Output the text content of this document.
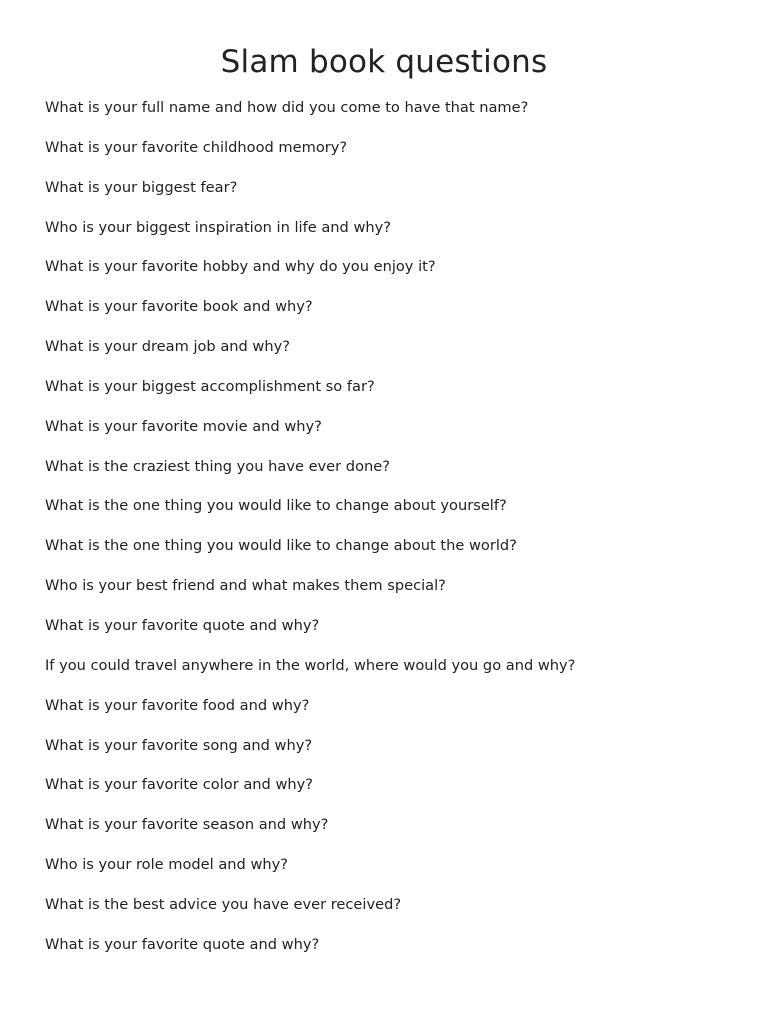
Slam book questions
What is your full name and how did you come to have that name?
What is your favorite childhood memory?
What is your biggest fear?
Who is your biggest inspiration in life and why?
What is your favorite hobby and why do you enjoy it?
What is your favorite book and why?
What is your dream job and why?
What is your biggest accomplishment so far?
What is your favorite movie and why?
What is the craziest thing you have ever done?
What is the one thing you would like to change about yourself?
What is the one thing you would like to change about the world?
Who is your best friend and what makes them special?
What is your favorite quote and why?
If you could travel anywhere in the world, where would you go and why?
What is your favorite food and why?
What is your favorite song and why?
What is your favorite color and why?
What is your favorite season and why?
Who is your role model and why?
What is the best advice you have ever received?
What is your favorite quote and why?
